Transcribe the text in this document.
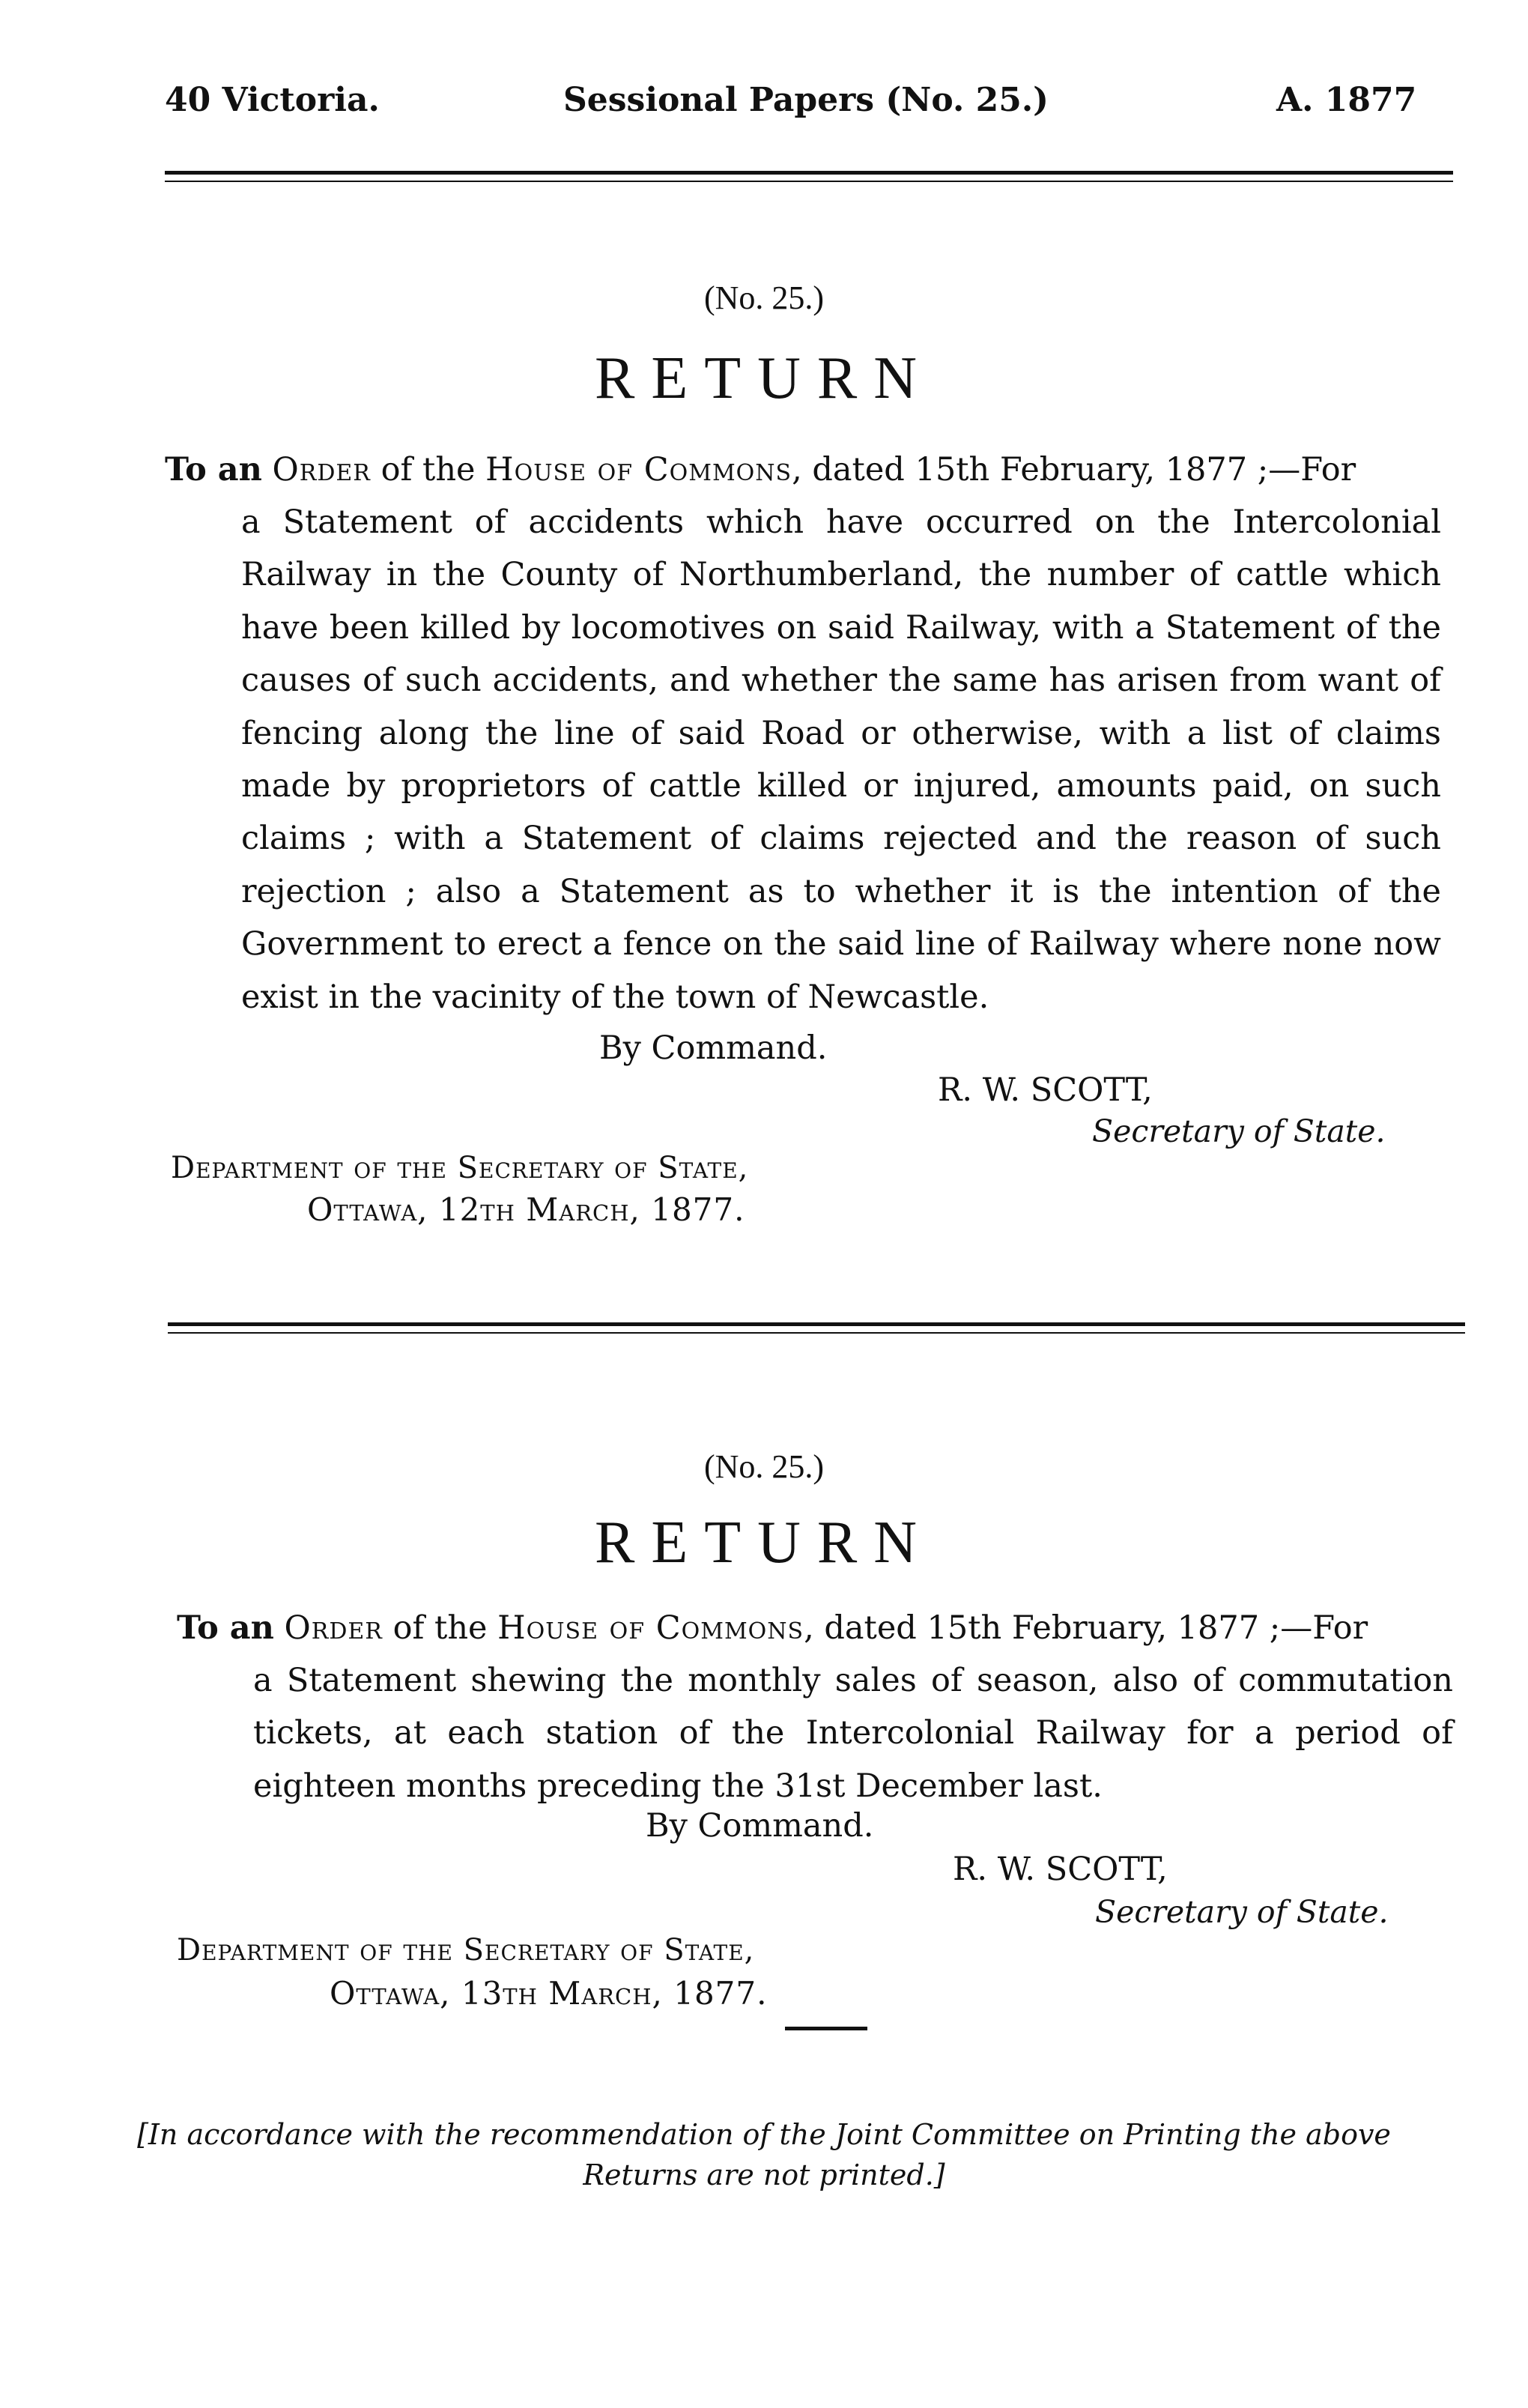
40 Victoria.	Sessional Papers (No. 25.)	A. 1877
(No. 25.)
RETURN
To an Order of the House of Commons, dated 15th February, 1877 ;—For
a Statement of accidents which have occurred on the Intercolonial Railway in the County of Northumberland, the number of cattle which have been killed by locomotives on said Railway, with a Statement of the causes of such accidents, and whether the same has arisen from want of fencing along the line of said Road or otherwise, with a list of claims made by proprietors of cattle killed or injured, amounts paid, on such claims ; with a Statement of claims rejected and the reason of such rejection ; also a Statement as to whether it is the intention of the Government to erect a fence on the said line of Railway where none now exist in the vacinity of the town of Newcastle.
By Command.
R. W. SCOTT,
Secretary of State.
Department of the Secretary of State,
Ottawa, 12th March, 1877.
(No. 25.)
RETURN
To an Order of the House of Commons, dated 15th February, 1877 ;—For
a Statement shewing the monthly sales of season, also of commutation tickets, at each station of the Intercolonial Railway for a period of eighteen months preceding the 31st December last.
By Command.
R. W. SCOTT,
Secretary of State.
Department of the Secretary of State,
Ottawa, 13th March, 1877.
[In accordance with the recommendation of the Joint Committee on Printing the above
Returns are not printed.]
